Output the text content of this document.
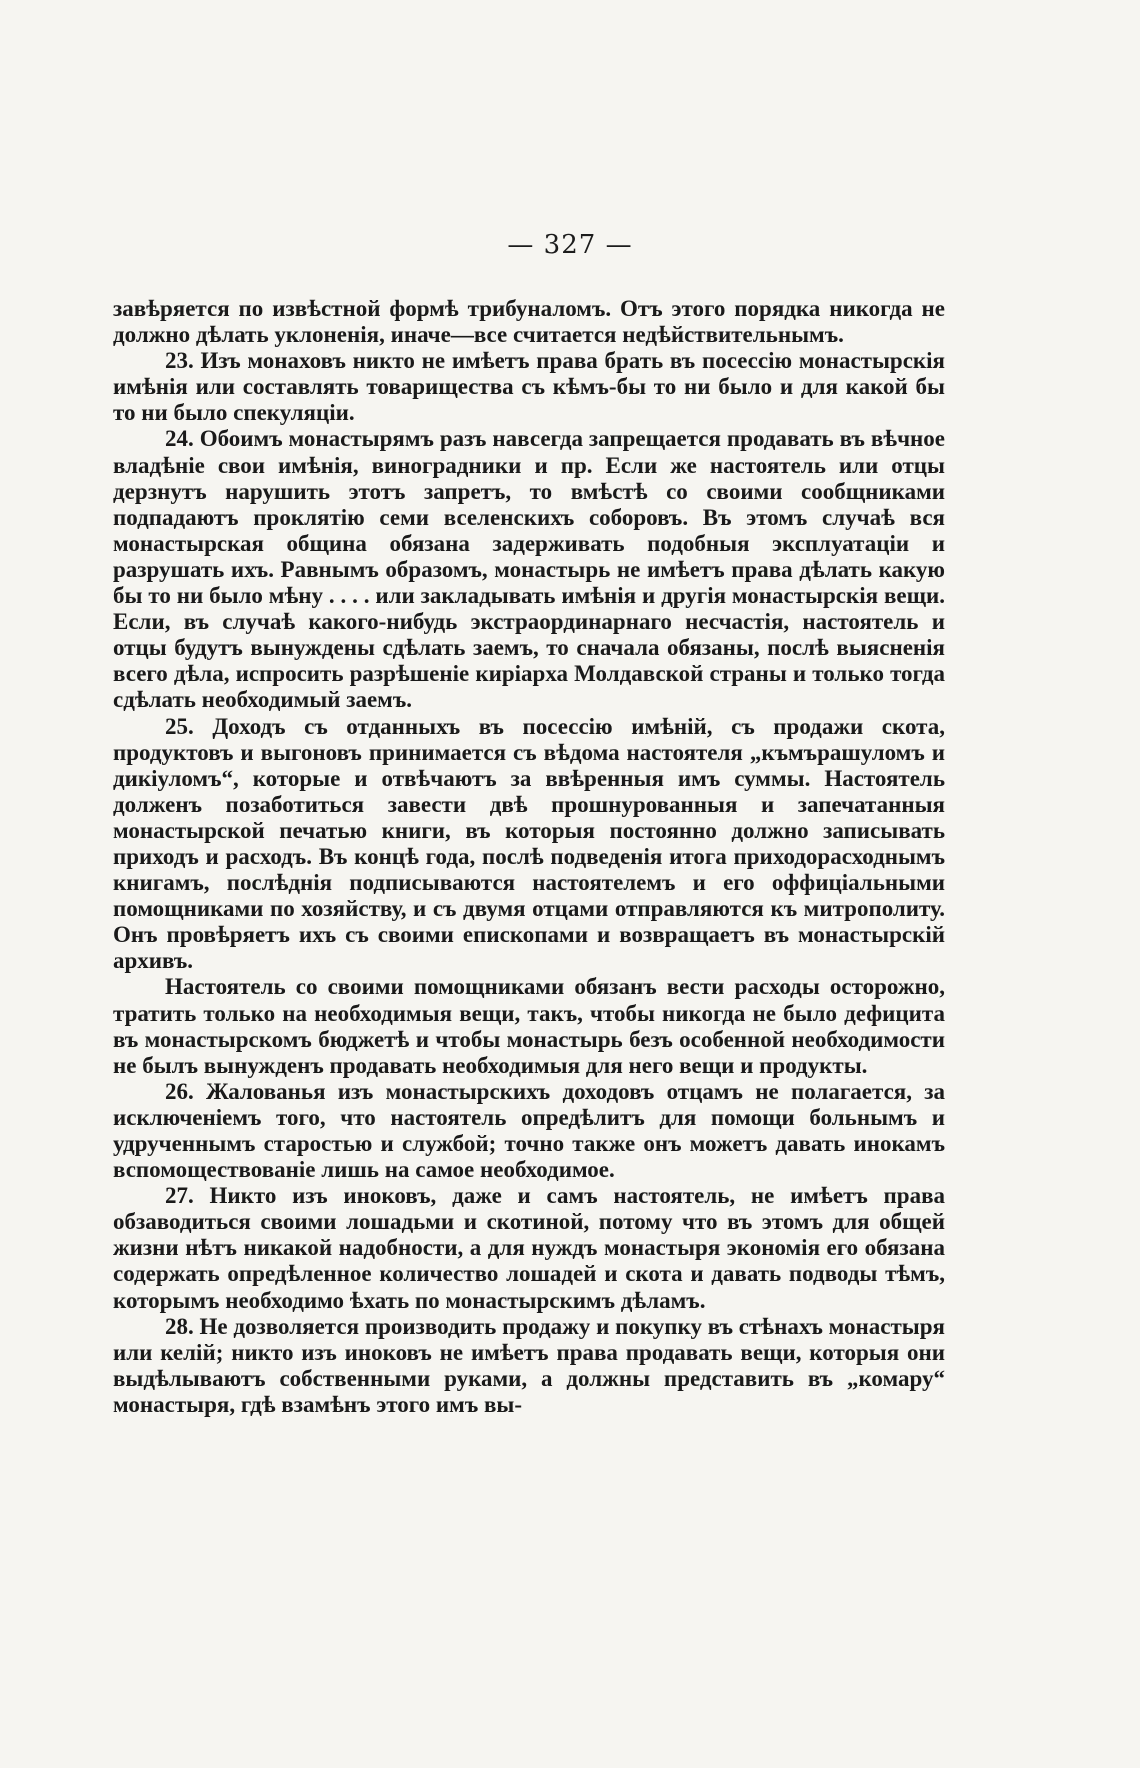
— 327 —

завѣряется по извѣстной формѣ трибуналомъ. Отъ этого порядка никогда не должно дѣлать уклоненія, иначе—все считается недѣйствительнымъ.

23. Изъ монаховъ никто не имѣетъ права брать въ посессію монастырскія имѣнія или составлять товарищества съ кѣмъ-бы то ни было и для какой бы то ни было спекуляціи.

24. Обоимъ монастырямъ разъ навсегда запрещается продавать въ вѣчное владѣніе свои имѣнія, виноградники и пр. Если же настоятель или отцы дерзнутъ нарушить этотъ запретъ, то вмѣстѣ со своими сообщниками подпадаютъ проклятію семи вселенскихъ соборовъ. Въ этомъ случаѣ вся монастырская община обязана задерживать подобныя эксплуатаціи и разрушать ихъ. Равнымъ образомъ, монастырь не имѣетъ права дѣлать какую бы то ни было мѣну . . . . или закладывать имѣнія и другія монастырскія вещи. Если, въ случаѣ какого-нибудь экстраординарнаго несчастія, настоятель и отцы будутъ вынуждены сдѣлать заемъ, то сначала обязаны, послѣ выясненія всего дѣла, испросить разрѣшеніе киріарха Молдавской страны и только тогда сдѣлать необходимый заемъ.

25. Доходъ съ отданныхъ въ посессію имѣній, съ продажи скота, продуктовъ и выгоновъ принимается съ вѣдома настоятеля „къмърашуломъ и дикіуломъ“, которые и отвѣчаютъ за ввѣренныя имъ суммы. Настоятель долженъ позаботиться завести двѣ прошнурованныя и запечатанныя монастырской печатью книги, въ которыя постоянно должно записывать приходъ и расходъ. Въ концѣ года, послѣ подведенія итога приходорасходнымъ книгамъ, послѣднія подписываются настоятелемъ и его оффиціальными помощниками по хозяйству, и съ двумя отцами отправляются къ митрополиту. Онъ провѣряетъ ихъ съ своими епископами и возвращаетъ въ монастырскій архивъ.

Настоятель со своими помощниками обязанъ вести расходы осторожно, тратить только на необходимыя вещи, такъ, чтобы никогда не было дефицита въ монастырскомъ бюджетѣ и чтобы монастырь безъ особенной необходимости не былъ вынужденъ продавать необходимыя для него вещи и продукты.

26. Жалованья изъ монастырскихъ доходовъ отцамъ не полагается, за исключеніемъ того, что настоятель опредѣлитъ для помощи больнымъ и удрученнымъ старостью и службой; точно также онъ можетъ давать инокамъ вспомоществованіе лишь на самое необходимое.

27. Никто изъ иноковъ, даже и самъ настоятель, не имѣетъ права обзаводиться своими лошадьми и скотиной, потому что въ этомъ для общей жизни нѣтъ никакой надобности, а для нуждъ монастыря экономія его обязана содержать опредѣленное количество лошадей и скота и давать подводы тѣмъ, которымъ необходимо ѣхать по монастырскимъ дѣламъ.

28. Не дозволяется производить продажу и покупку въ стѣнахъ монастыря или келій; никто изъ иноковъ не имѣетъ права продавать вещи, которыя они выдѣлываютъ собственными руками, а должны представить въ „комару“ монастыря, гдѣ взамѣнъ этого имъ вы-
